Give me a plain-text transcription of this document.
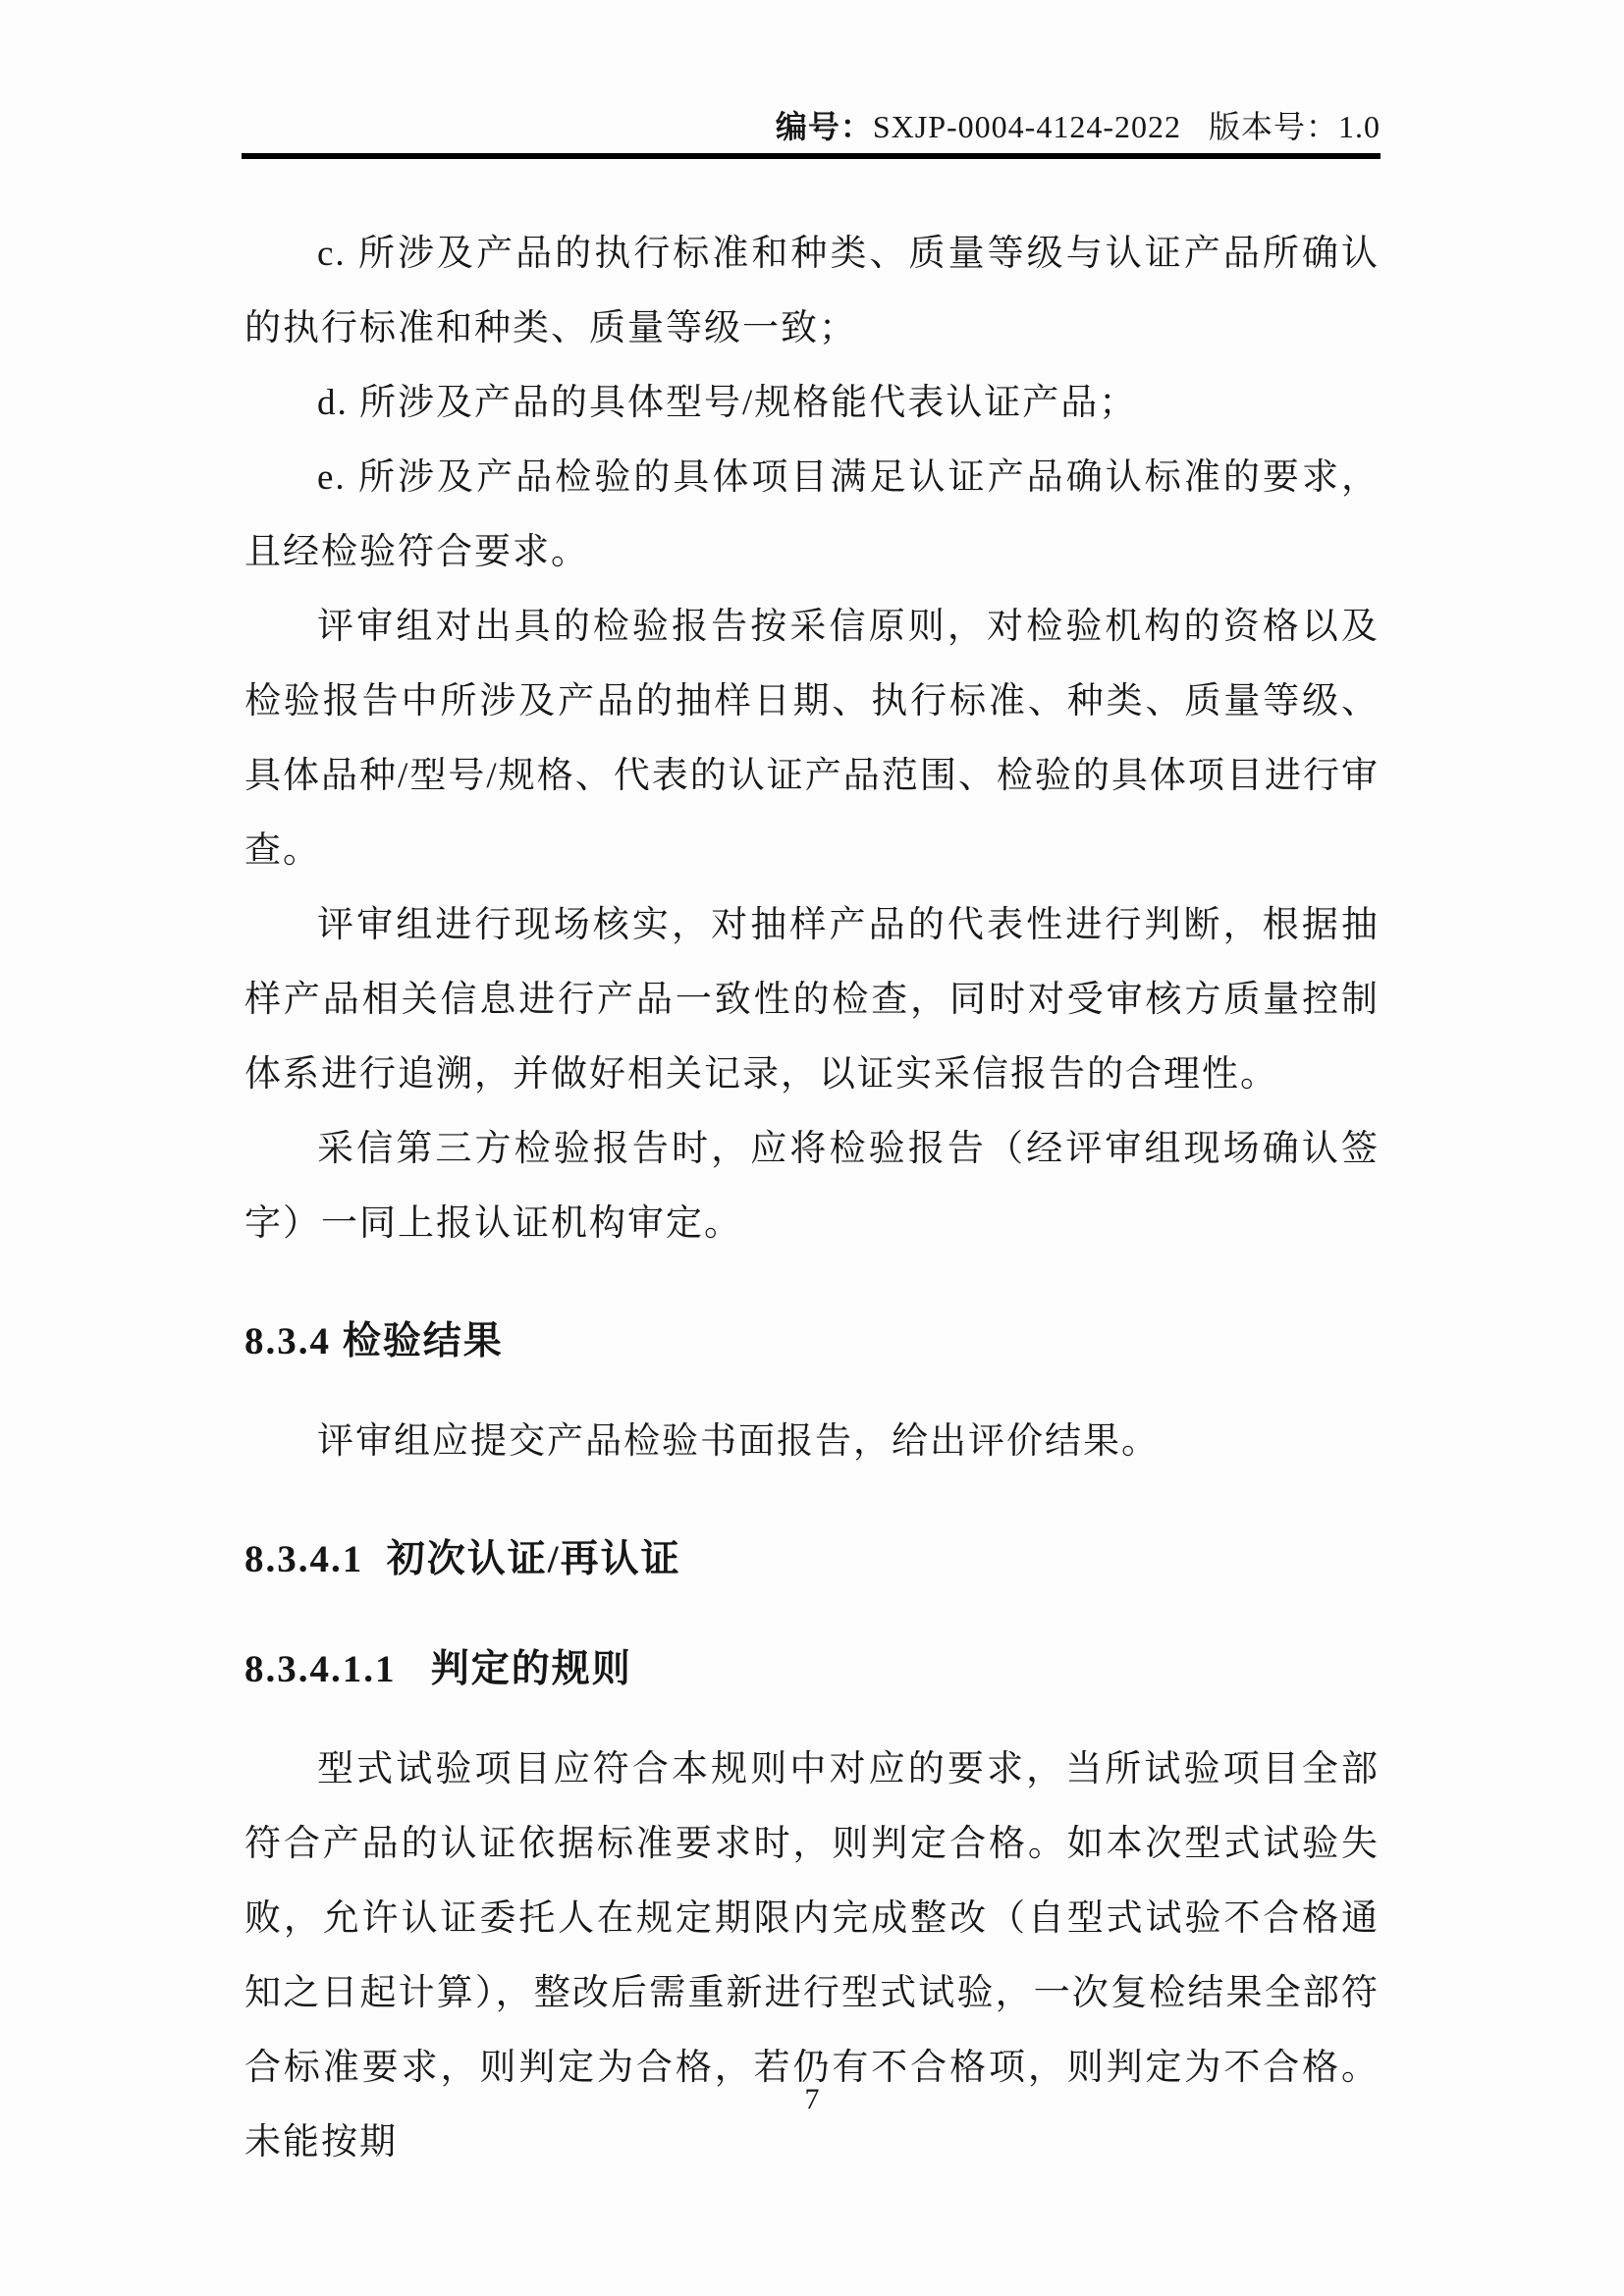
编号：SXJP-0004-4124-2022 版本号：1.0

c. 所涉及产品的执行标准和种类、质量等级与认证产品所确认的执行标准和种类、质量等级一致；

d. 所涉及产品的具体型号/规格能代表认证产品；

e. 所涉及产品检验的具体项目满足认证产品确认标准的要求，且经检验符合要求。

评审组对出具的检验报告按采信原则，对检验机构的资格以及检验报告中所涉及产品的抽样日期、执行标准、种类、质量等级、具体品种/型号/规格、代表的认证产品范围、检验的具体项目进行审查。

评审组进行现场核实，对抽样产品的代表性进行判断，根据抽样产品相关信息进行产品一致性的检查，同时对受审核方质量控制体系进行追溯，并做好相关记录，以证实采信报告的合理性。

采信第三方检验报告时，应将检验报告（经评审组现场确认签字）一同上报认证机构审定。

8.3.4 检验结果

评审组应提交产品检验书面报告，给出评价结果。

8.3.4.1  初次认证/再认证
8.3.4.1.1   判定的规则

型式试验项目应符合本规则中对应的要求，当所试验项目全部符合产品的认证依据标准要求时，则判定合格。如本次型式试验失败，允许认证委托人在规定期限内完成整改（自型式试验不合格通知之日起计算），整改后需重新进行型式试验，一次复检结果全部符合标准要求，则判定为合格，若仍有不合格项，则判定为不合格。未能按期

7
